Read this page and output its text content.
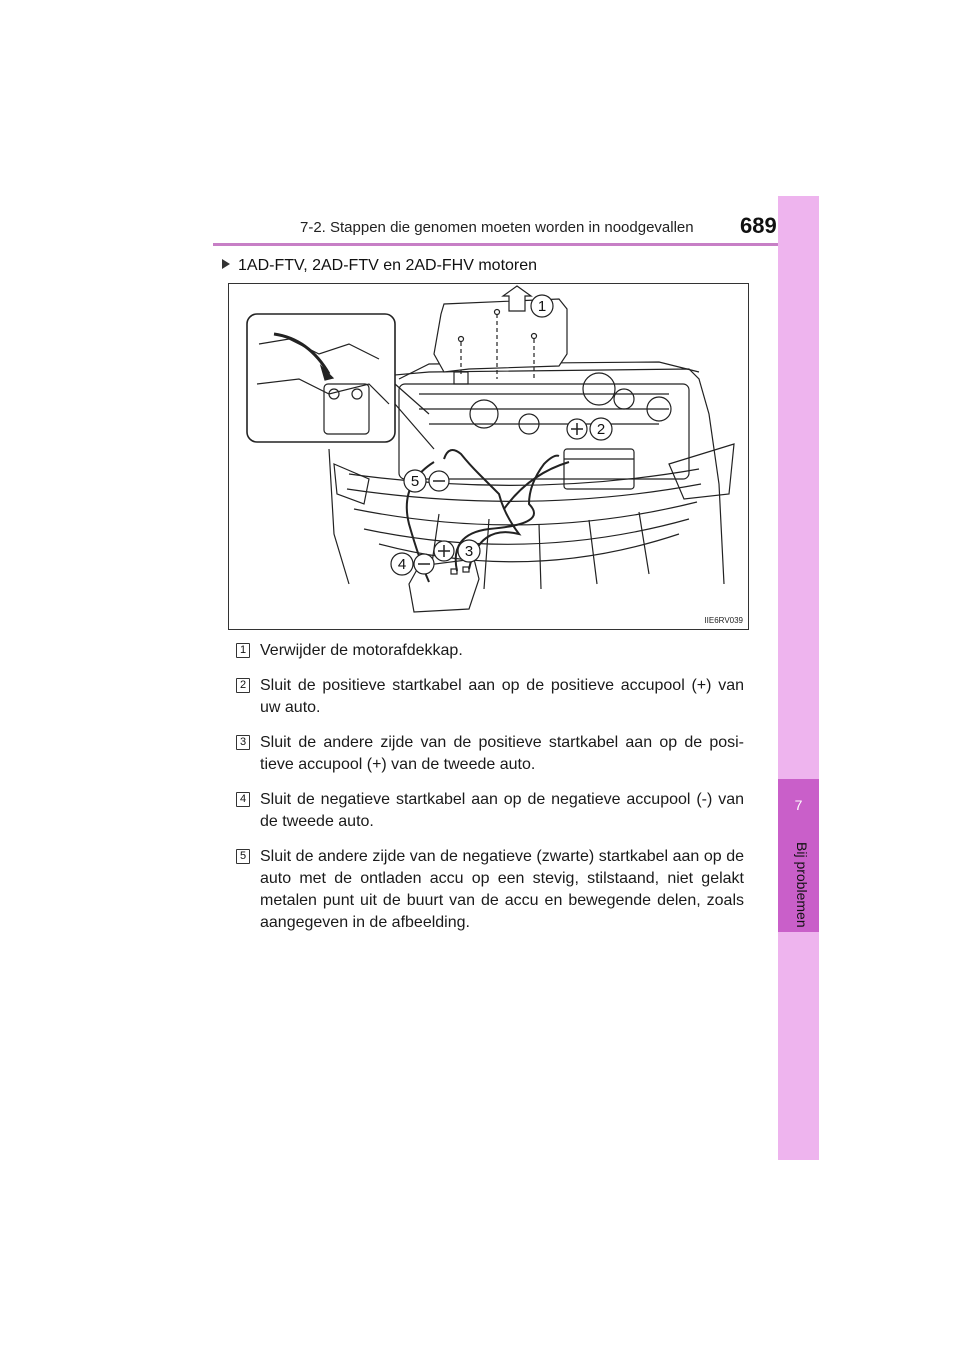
7-2. Stappen die genomen moeten worden in noodgevallen 689
7
Bij problemen
1AD-FTV, 2AD-FTV en 2AD-FHV motoren
1
2
3
4
5
IIE6RV039
1 Verwijder de motorafdekkap.
2 Sluit de positieve startkabel aan op de positieve accupool (+) van uw auto.
3 Sluit de andere zijde van de positieve startkabel aan op de posi-tieve accupool (+) van de tweede auto.
4 Sluit de negatieve startkabel aan op de negatieve accupool (-) van de tweede auto.
5 Sluit de andere zijde van de negatieve (zwarte) startkabel aan op de auto met de ontladen accu op een stevig, stilstaand, niet gelakt metalen punt uit de buurt van de accu en bewegende delen, zoals aangegeven in de afbeelding.
